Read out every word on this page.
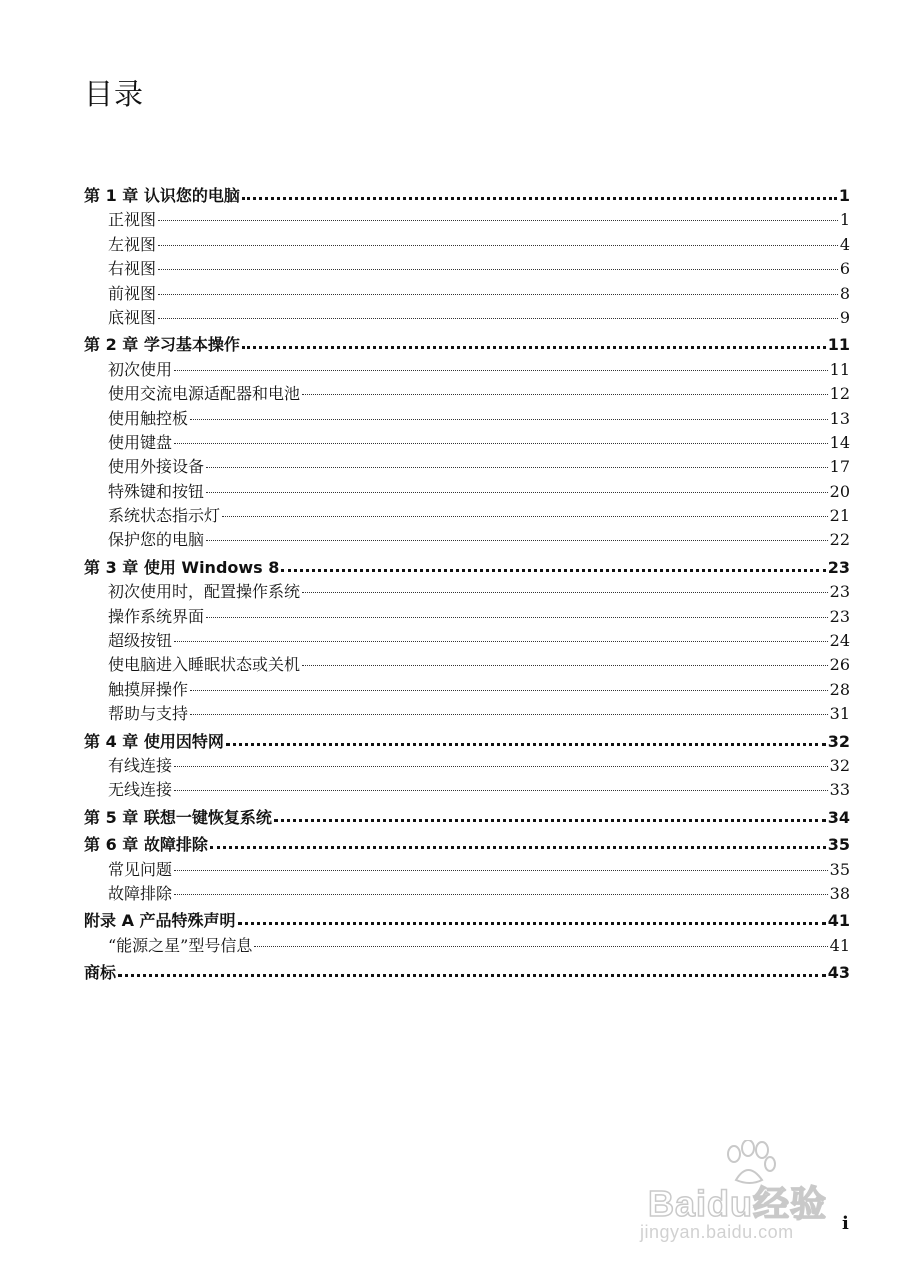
目录
第 1 章 认识您的电脑	1
正视图	1
左视图	4
右视图	6
前视图	8
底视图	9
第 2 章 学习基本操作	11
初次使用	11
使用交流电源适配器和电池	12
使用触控板	13
使用键盘	14
使用外接设备	17
特殊键和按钮	20
系统状态指示灯	21
保护您的电脑	22
第 3 章 使用 Windows 8	23
初次使用时，配置操作系统	23
操作系统界面	23
超级按钮	24
使电脑进入睡眠状态或关机	26
触摸屏操作	28
帮助与支持	31
第 4 章 使用因特网	32
有线连接	32
无线连接	33
第 5 章 联想一键恢复系统	34
第 6 章 故障排除	35
常见问题	35
故障排除	38
附录 A 产品特殊声明	41
“能源之星”型号信息	41
商标	43
i
Baidu经验
jingyan.baidu.com
